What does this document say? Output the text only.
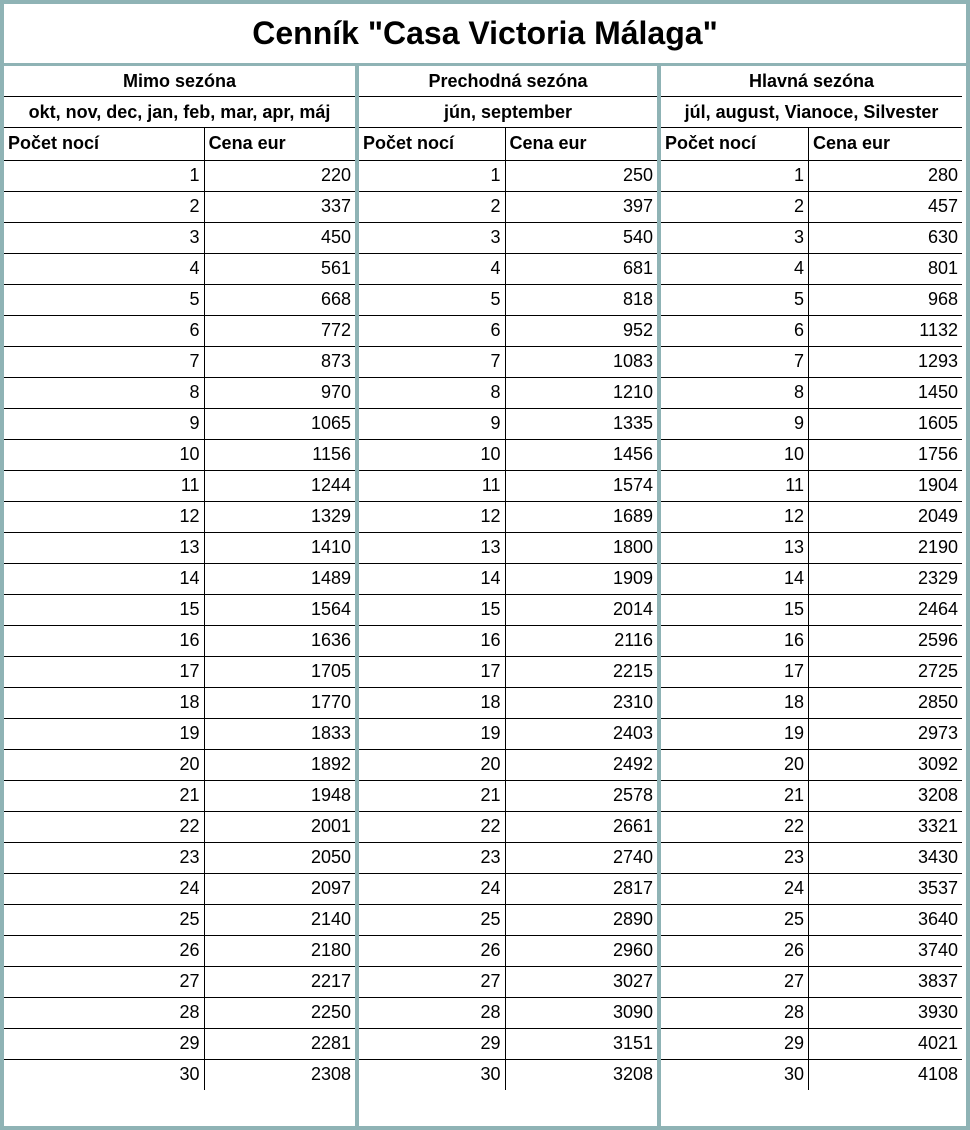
Cenník "Casa Victoria Málaga"
Mimo sezóna
okt, nov, dec, jan, feb, mar, apr, máj
Počet nocí	Cena eur
1	220
2	337
3	450
4	561
5	668
6	772
7	873
8	970
9	1065
10	1156
11	1244
12	1329
13	1410
14	1489
15	1564
16	1636
17	1705
18	1770
19	1833
20	1892
21	1948
22	2001
23	2050
24	2097
25	2140
26	2180
27	2217
28	2250
29	2281
30	2308
Prechodná sezóna
jún, september
Počet nocí	Cena eur
1	250
2	397
3	540
4	681
5	818
6	952
7	1083
8	1210
9	1335
10	1456
11	1574
12	1689
13	1800
14	1909
15	2014
16	2116
17	2215
18	2310
19	2403
20	2492
21	2578
22	2661
23	2740
24	2817
25	2890
26	2960
27	3027
28	3090
29	3151
30	3208
Hlavná sezóna
júl, august, Vianoce, Silvester
Počet nocí	Cena eur
1	280
2	457
3	630
4	801
5	968
6	1132
7	1293
8	1450
9	1605
10	1756
11	1904
12	2049
13	2190
14	2329
15	2464
16	2596
17	2725
18	2850
19	2973
20	3092
21	3208
22	3321
23	3430
24	3537
25	3640
26	3740
27	3837
28	3930
29	4021
30	4108
